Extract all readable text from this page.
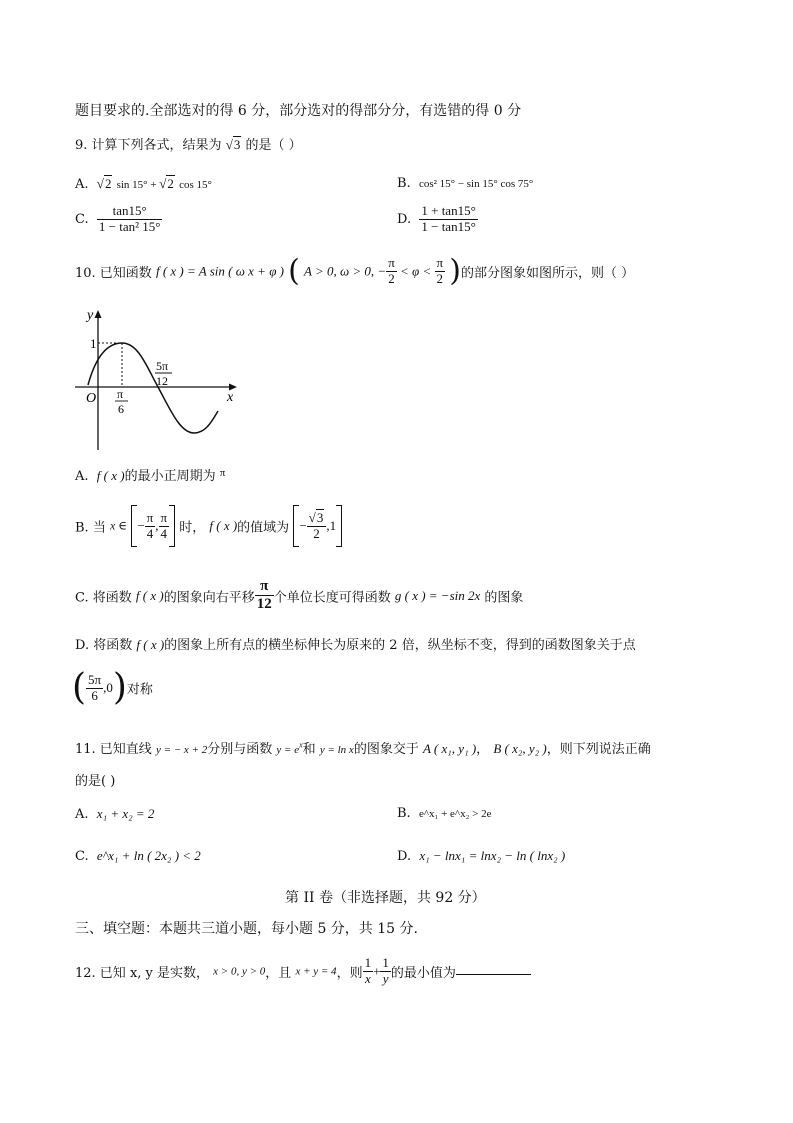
题目要求的.全部选对的得 6 分，部分选对的得部分分，有选错的得 0 分
9. 计算下列各式，结果为 √3 的是（ ）
A. √2 sin 15° + √2 cos 15°	B. cos² 15° − sin 15° cos 75°
C. $\frac{\tan 15^\circ}{\text{1 − tan² 15°}}$	D. $\frac{1 + \tan 15^\circ}{1 - \tan 15^\circ}$
10. 已知函数 f ( x ) = A sin ( ω x + φ ) ( A > 0, ω > 0, − $\frac{\pi}{2} < \varphi < \frac{\pi}{2}$ )的部分图象如图所示，则（ ）
y
x
O
1
π
6
5π
12
A. f ( x )的最小正周期为 $^\pi$
B. 当 x ∈ − $\frac{\pi}{4}$ , $\frac{\pi}{4}$ 时， f ( x )的值域为 − $\frac{√3}{2} ,1$
C. 将函数 f ( x )的图象向右平移 $\frac{\pi}{12}$ 个单位长度可得函数 g ( x ) = −sin 2x 的图象
D. 将函数 f ( x )的图象上所有点的横坐标伸长为原来的 2 倍，纵坐标不变，得到的函数图象关于点
( $\frac{5\pi}{6} ,0$)对称
11. 已知直线 y = − x + 2分别与函数 $y = e^x$和 y = ln x的图象交于 A ( x₁, y₁ )， B ( x₂, y₂ )，则下列说法正确
的是( )
A. x₁ + x₂ = 2	B. e^x₁ + e^x₂ > 2e
C. e^x₁ + ln ( 2x₂ ) < 2	D. x₁ − lnx₁ = lnx₂ − ln ( lnx₂ )
第 II 卷（非选择题，共 92 分）
三、填空题：本题共三道小题，每小题 5 分，共 15 分.
12. 已知 x, y 是实数， x > 0, y > 0，且 x + y = 4，则 $\frac{1}{x} + \frac{1}{y}$ 的最小值为
